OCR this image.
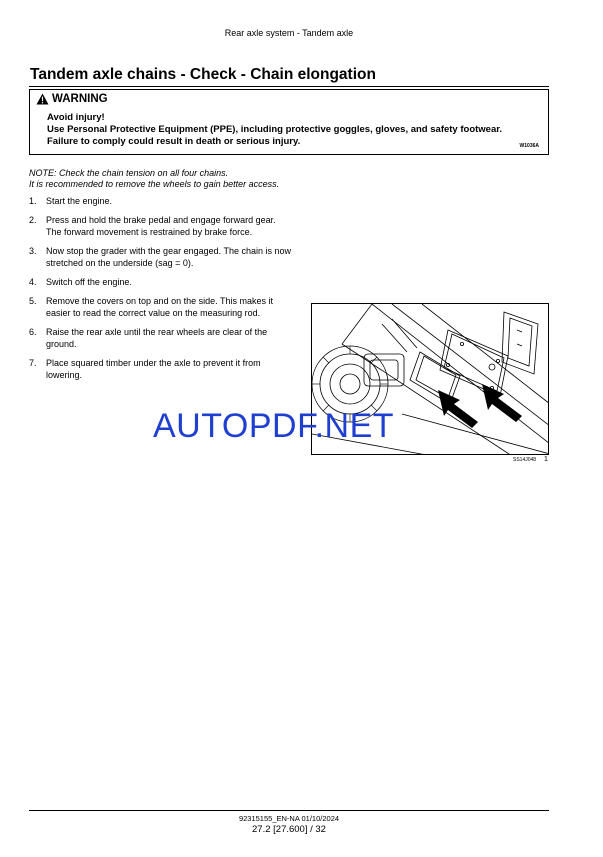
Rear axle system - Tandem axle
Tandem axle chains - Check - Chain elongation
WARNING
Avoid injury!
Use Personal Protective Equipment (PPE), including protective goggles, gloves, and safety footwear.
Failure to comply could result in death or serious injury.	W1036A
NOTE: Check the chain tension on all four chains.
It is recommended to remove the wheels to gain better access.
1.	Start the engine.
2.	Press and hold the brake pedal and engage forward gear. The forward movement is restrained by brake force.
3.	Now stop the grader with the gear engaged. The chain is now stretched on the underside (sag = 0).
4.	Switch off the engine.
5.	Remove the covers on top and on the side. This makes it easier to read the correct value on the measuring rod.
6.	Raise the rear axle until the rear wheels are clear of the ground.
7.	Place squared timber under the axle to prevent it from lowering.
SS14J048 1
AUTOPDF.NET
92315155_EN-NA 01/10/2024
27.2 [27.600] / 32
